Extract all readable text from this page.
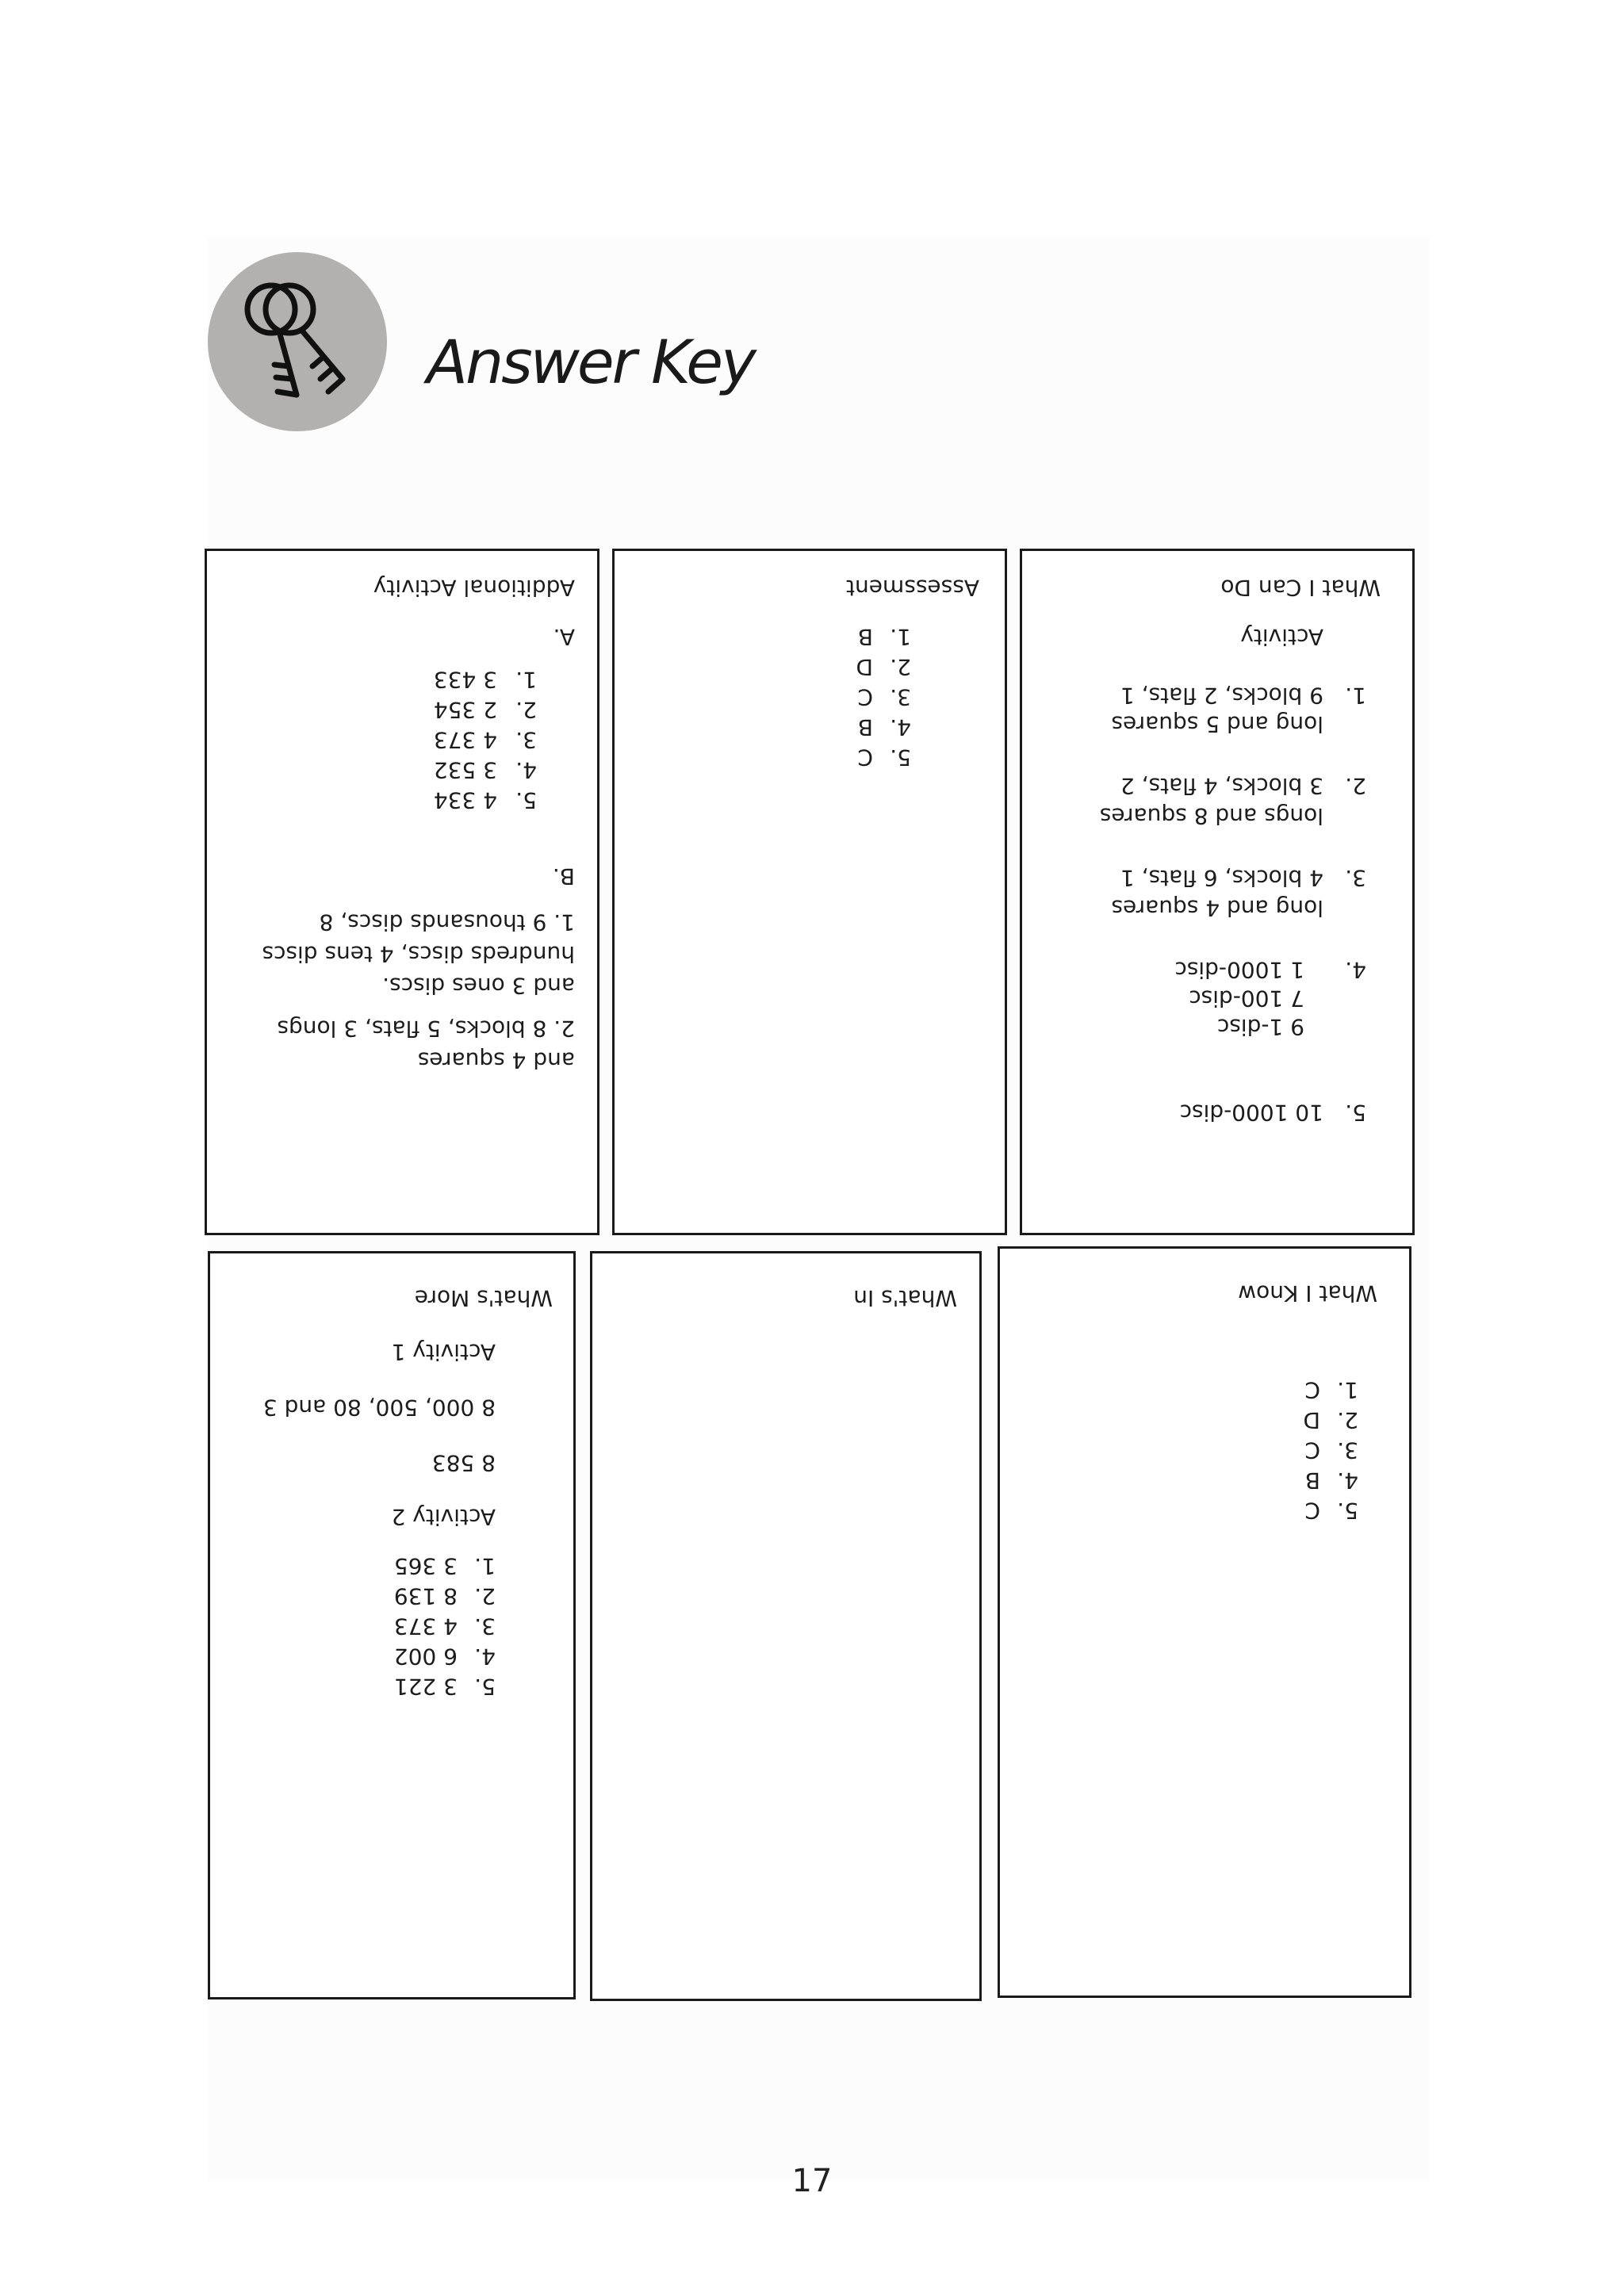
Answer Key
What I Can Do
Activity
1.
9 blocks, 2 flats, 1
long and 5 squares
2.
3 blocks, 4 flats, 2
longs and 8 squares
3.
4 blocks, 6 flats, 1
long and 4 squares
4.
1 1000-disc
7 100-disc
9 1-disc
5.
10 1000-disc
Assessment
1.
B
2.
D
3.
C
4.
B
5.
C
Additional Activity
A.
1.
3 433
2.
2 354
3.
4 373
4.
3 532
5.
4 334
B.
1. 9 thousands discs, 8
hundreds discs, 4 tens discs
and 3 ones discs.
2. 8 blocks, 5 flats, 3 longs
and 4 squares
What I Know
1.
C
2.
D
3.
C
4.
B
5.
C
What's In
What's More
Activity 1
8 000, 500, 80 and 3
8 583
Activity 2
1.
3 365
2.
8 139
3.
4 373
4.
6 002
5.
3 221
17
